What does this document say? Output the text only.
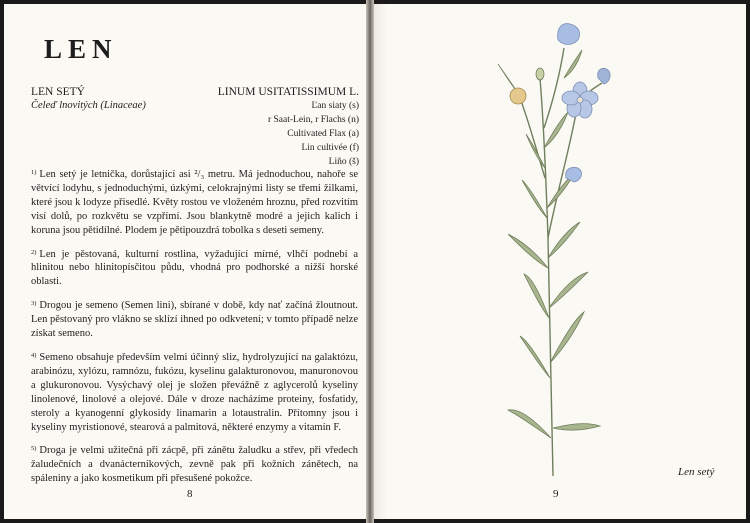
LEN
LEN SETÝ
Čeleď lnovitých (Linaceae)
LINUM USITATISSIMUM L.
Ľan siaty (s)
r Saat-Lein, r Flachs (n)
Cultivated Flax (a)
Lin cultivée (f)
Liño (š)

$^{1)}$ Len setý je letnička, dorůstající asi ²/₃ metru. Má jednoduchou, nahoře se větvící lodyhu, s jednoduchými, úzkými, celokrajnými listy se třemi žilkami, které jsou k lodyze přisedlé. Květy rostou ve vloženém hroznu, před rozvitím visí dolů, po rozkvětu se vzpřímí. Jsou blankytně modré a jejich kalich i koruna jsou pětidílné. Plodem je pětipouzdrá tobolka s deseti semeny.

$^{2)}$ Len je pěstovaná, kulturní rostlina, vyžadující mírné, vlhčí podnebí a hlinitou nebo hlinitopísčitou půdu, vhodná pro podhorské a nižší horské oblasti.

$^{3)}$ Drogou je semeno (Semen lini), sbírané v době, kdy nať začíná žloutnout. Len pěstovaný pro vlákno se sklízí ihned po odkvetení; v tomto případě nelze získat semeno.

$^{4)}$ Semeno obsahuje především velmi účinný sliz, hydrolyzující na galaktózu, arabinózu, xylózu, ramnózu, fukózu, kyselinu galakturonovou, manuronovou a glukuronovou. Vysýchavý olej je složen převážně z aglycerolů kyseliny linolenové, linolové a olejové. Dále v droze nacházíme proteiny, fosfatidy, steroly a kyanogenní glykosidy linamarin a lotaustralin. Přítomny jsou i kyseliny myristionové, stearová a palmitová, některé enzymy a vitamín F.

$^{5)}$ Droga je velmi užitečná při zácpě, při zánětu žaludku a střev, při vředech žaludečních a dvanácterníkových, zevně pak při kožních zánětech, na spáleniny a jako kosmetikum při přesušené pokožce.

8	9
Len setý
